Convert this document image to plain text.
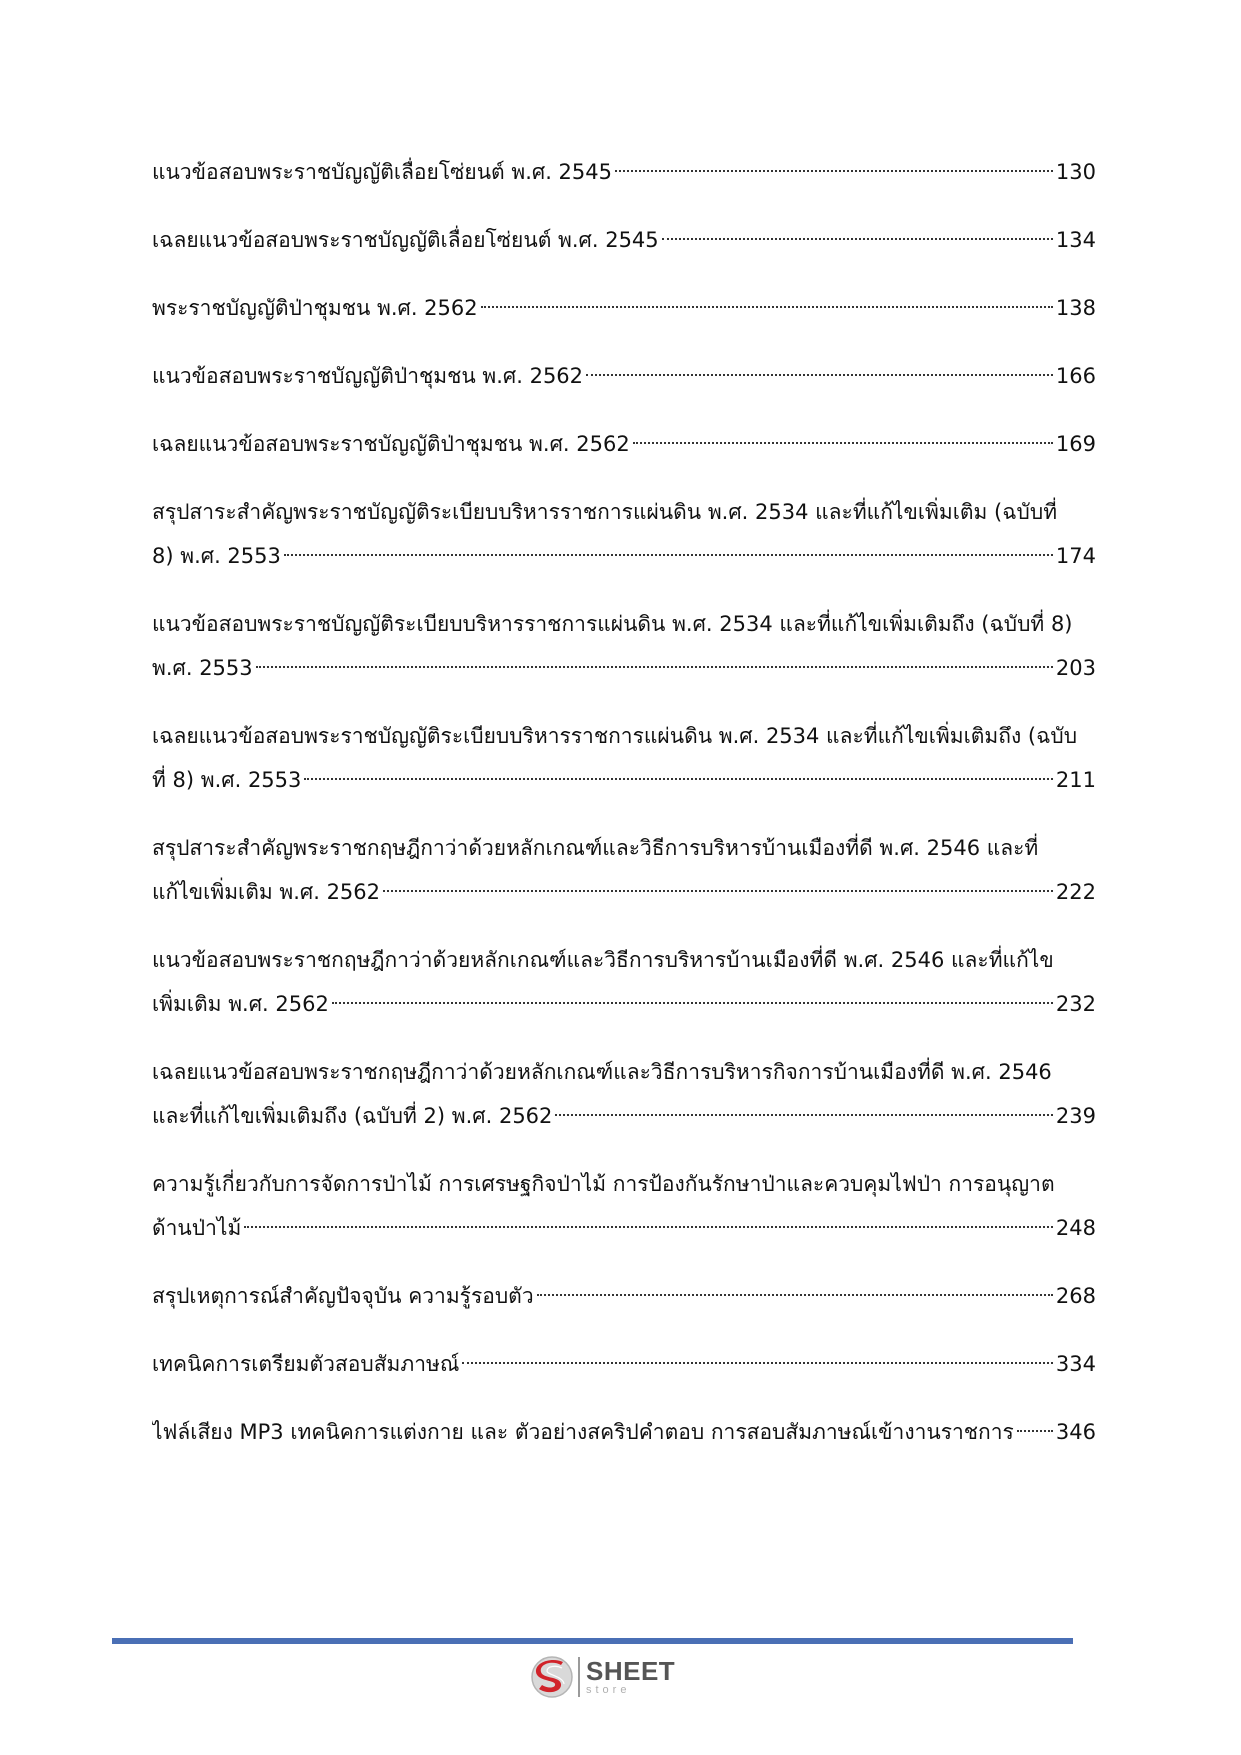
แนวข้อสอบพระราชบัญญัติเลื่อยโซ่ยนต์ พ.ศ. 2545	130
เฉลยแนวข้อสอบพระราชบัญญัติเลื่อยโซ่ยนต์ พ.ศ. 2545	134
พระราชบัญญัติป่าชุมชน พ.ศ. 2562	138
แนวข้อสอบพระราชบัญญัติป่าชุมชน พ.ศ. 2562	166
เฉลยแนวข้อสอบพระราชบัญญัติป่าชุมชน พ.ศ. 2562	169
สรุปสาระสำคัญพระราชบัญญัติระเบียบบริหารราชการแผ่นดิน พ.ศ. 2534 และที่แก้ไขเพิ่มเติม (ฉบับที่
8) พ.ศ. 2553	174
แนวข้อสอบพระราชบัญญัติระเบียบบริหารราชการแผ่นดิน พ.ศ. 2534 และที่แก้ไขเพิ่มเติมถึง (ฉบับที่ 8)
พ.ศ. 2553	203
เฉลยแนวข้อสอบพระราชบัญญัติระเบียบบริหารราชการแผ่นดิน พ.ศ. 2534 และที่แก้ไขเพิ่มเติมถึง (ฉบับ
ที่ 8) พ.ศ. 2553	211
สรุปสาระสำคัญพระราชกฤษฎีกาว่าด้วยหลักเกณฑ์และวิธีการบริหารบ้านเมืองที่ดี พ.ศ. 2546 และที่
แก้ไขเพิ่มเติม พ.ศ. 2562	222
แนวข้อสอบพระราชกฤษฎีกาว่าด้วยหลักเกณฑ์และวิธีการบริหารบ้านเมืองที่ดี พ.ศ. 2546 และที่แก้ไข
เพิ่มเติม พ.ศ. 2562	232
เฉลยแนวข้อสอบพระราชกฤษฎีกาว่าด้วยหลักเกณฑ์และวิธีการบริหารกิจการบ้านเมืองที่ดี พ.ศ. 2546
และที่แก้ไขเพิ่มเติมถึง (ฉบับที่ 2) พ.ศ. 2562	239
ความรู้เกี่ยวกับการจัดการป่าไม้ การเศรษฐกิจป่าไม้ การป้องกันรักษาป่าและควบคุมไฟป่า การอนุญาต
ด้านป่าไม้	248
สรุปเหตุการณ์สำคัญปัจจุบัน ความรู้รอบตัว	268
เทคนิคการเตรียมตัวสอบสัมภาษณ์	334
ไฟล์เสียง MP3 เทคนิคการแต่งกาย และ ตัวอย่างสคริปคำตอบ การสอบสัมภาษณ์เข้างานราชการ 346
SHEET
store
